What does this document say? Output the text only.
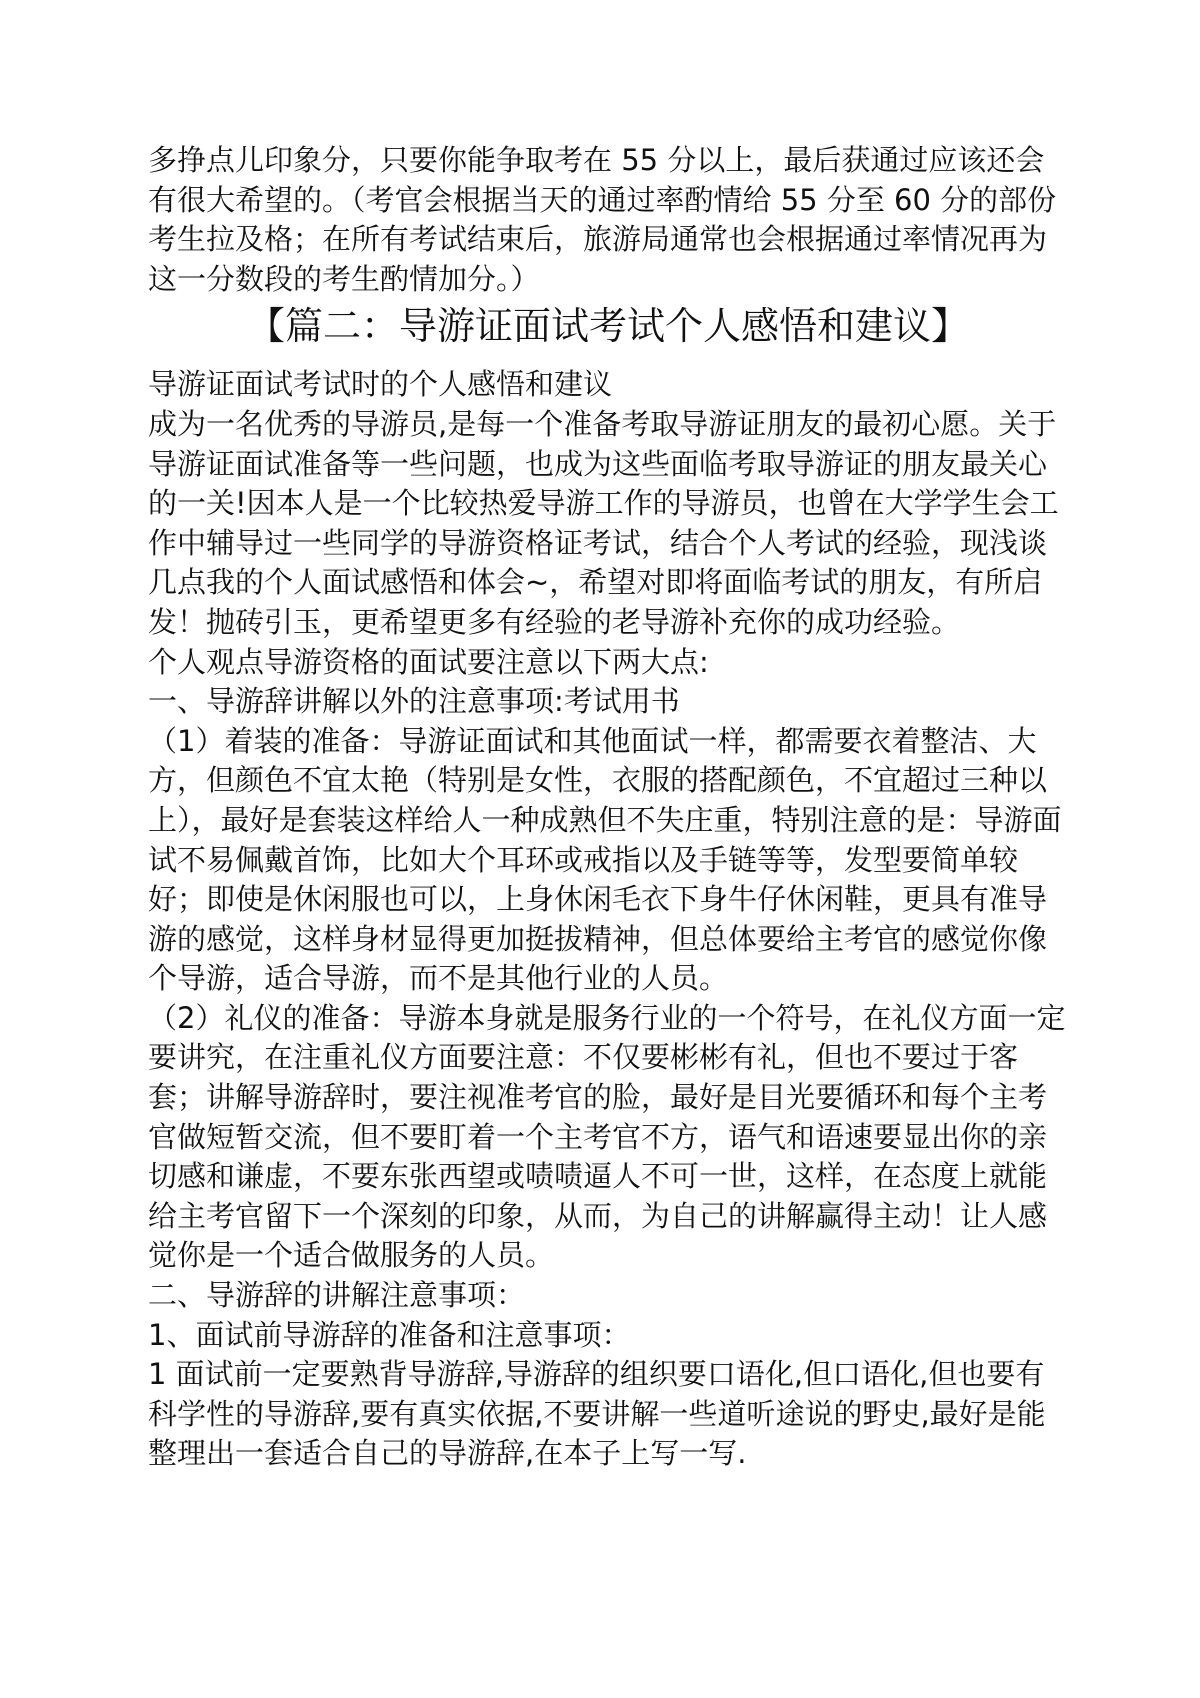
多挣点儿印象分，只要你能争取考在 55 分以上，最后获通过应该还会有很大希望的。（考官会根据当天的通过率酌情给 55 分至 60 分的部份考生拉及格；在所有考试结束后，旅游局通常也会根据通过率情况再为这一分数段的考生酌情加分。）

【篇二：导游证面试考试个人感悟和建议】

导游证面试考试时的个人感悟和建议

成为一名优秀的导游员,是每一个准备考取导游证朋友的最初心愿。关于导游证面试准备等一些问题，也成为这些面临考取导游证的朋友最关心的一关!因本人是一个比较热爱导游工作的导游员，也曾在大学学生会工作中辅导过一些同学的导游资格证考试，结合个人考试的经验，现浅谈几点我的个人面试感悟和体会~，希望对即将面临考试的朋友，有所启发！抛砖引玉，更希望更多有经验的老导游补充你的成功经验。

个人观点导游资格的面试要注意以下两大点:

一、导游辞讲解以外的注意事项:考试用书

（1）着装的准备：导游证面试和其他面试一样，都需要衣着整洁、大方，但颜色不宜太艳（特别是女性，衣服的搭配颜色，不宜超过三种以上），最好是套装这样给人一种成熟但不失庄重，特别注意的是：导游面试不易佩戴首饰，比如大个耳环或戒指以及手链等等，发型要简单较好；即使是休闲服也可以，上身休闲毛衣下身牛仔休闲鞋，更具有准导游的感觉，这样身材显得更加挺拔精神，但总体要给主考官的感觉你像个导游，适合导游，而不是其他行业的人员。

（2）礼仪的准备：导游本身就是服务行业的一个符号，在礼仪方面一定要讲究，在注重礼仪方面要注意：不仅要彬彬有礼，但也不要过于客套；讲解导游辞时，要注视准考官的脸，最好是目光要循环和每个主考官做短暂交流，但不要盯着一个主考官不方，语气和语速要显出你的亲切感和谦虚，不要东张西望或啧啧逼人不可一世，这样，在态度上就能给主考官留下一个深刻的印象，从而，为自己的讲解赢得主动！让人感觉你是一个适合做服务的人员。

二、导游辞的讲解注意事项：

1、面试前导游辞的准备和注意事项：

1 面试前一定要熟背导游辞,导游辞的组织要口语化,但口语化,但也要有科学性的导游辞,要有真实依据,不要讲解一些道听途说的野史,最好是能整理出一套适合自己的导游辞,在本子上写一写.
